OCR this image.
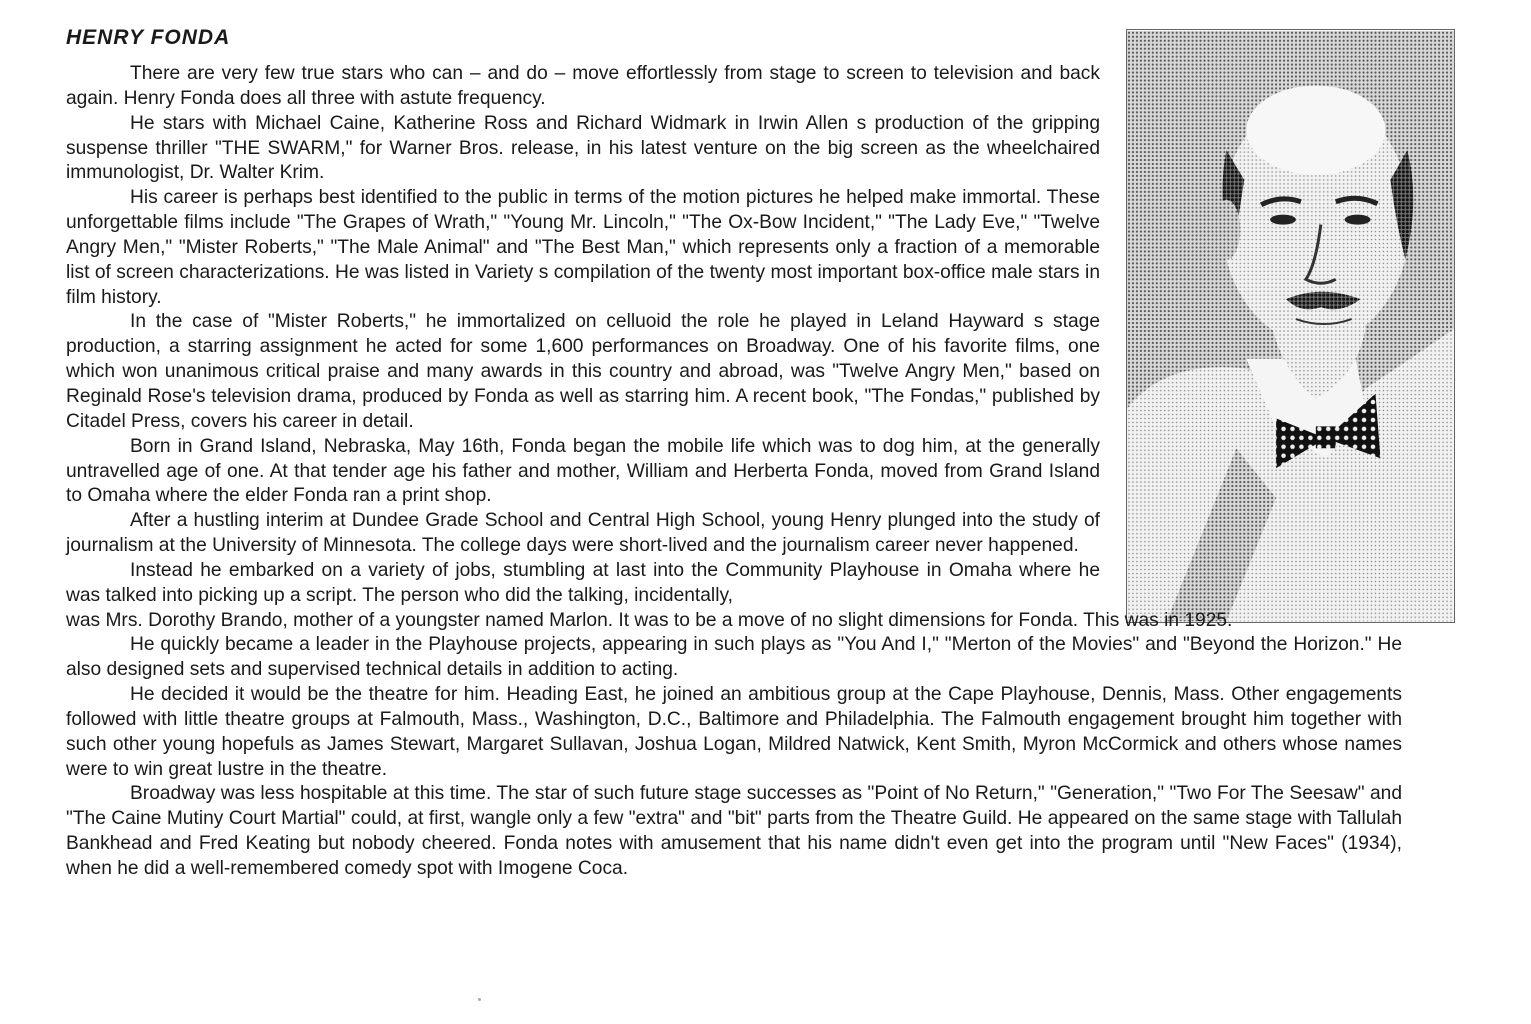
HENRY FONDA

There are very few true stars who can – and do – move effortlessly from stage to screen to television and back again. Henry Fonda does all three with astute frequency.

He stars with Michael Caine, Katherine Ross and Richard Widmark in Irwin Allen s production of the gripping suspense thriller "THE SWARM," for Warner Bros. release, in his latest venture on the big screen as the wheelchaired immunologist, Dr. Walter Krim.

His career is perhaps best identified to the public in terms of the motion pictures he helped make immortal. These unforgettable films include "The Grapes of Wrath," "Young Mr. Lincoln," "The Ox-Bow Incident," "The Lady Eve," "Twelve Angry Men," "Mister Roberts," "The Male Animal" and "The Best Man," which represents only a fraction of a memorable list of screen characterizations. He was listed in Variety s compilation of the twenty most important box-office male stars in film history.

In the case of "Mister Roberts," he immortalized on celluoid the role he played in Leland Hayward s stage production, a starring assignment he acted for some 1,600 performances on Broadway. One of his favorite films, one which won unanimous critical praise and many awards in this country and abroad, was "Twelve Angry Men," based on Reginald Rose's television drama, produced by Fonda as well as starring him. A recent book, "The Fondas," published by Citadel Press, covers his career in detail.

Born in Grand Island, Nebraska, May 16th, Fonda began the mobile life which was to dog him, at the generally untravelled age of one. At that tender age his father and mother, William and Herberta Fonda, moved from Grand Island to Omaha where the elder Fonda ran a print shop.

After a hustling interim at Dundee Grade School and Central High School, young Henry plunged into the study of journalism at the University of Minnesota. The college days were short-lived and the journalism career never happened.

Instead he embarked on a variety of jobs, stumbling at last into the Community Playhouse in Omaha where he was talked into picking up a script. The person who did the talking, incidentally,

was Mrs. Dorothy Brando, mother of a youngster named Marlon. It was to be a move of no slight dimensions for Fonda. This was in 1925.

He quickly became a leader in the Playhouse projects, appearing in such plays as "You And I," "Merton of the Movies" and "Beyond the Horizon." He also designed sets and supervised technical details in addition to acting.

He decided it would be the theatre for him. Heading East, he joined an ambitious group at the Cape Playhouse, Dennis, Mass. Other engagements followed with little theatre groups at Falmouth, Mass., Washington, D.C., Baltimore and Philadelphia. The Falmouth engagement brought him together with such other young hopefuls as James Stewart, Margaret Sullavan, Joshua Logan, Mildred Natwick, Kent Smith, Myron McCormick and others whose names were to win great lustre in the theatre.

Broadway was less hospitable at this time. The star of such future stage successes as "Point of No Return," "Generation," "Two For The Seesaw" and "The Caine Mutiny Court Martial" could, at first, wangle only a few "extra" and "bit" parts from the Theatre Guild. He appeared on the same stage with Tallulah Bankhead and Fred Keating but nobody cheered. Fonda notes with amusement that his name didn't even get into the program until "New Faces" (1934), when he did a well-remembered comedy spot with Imogene Coca.
